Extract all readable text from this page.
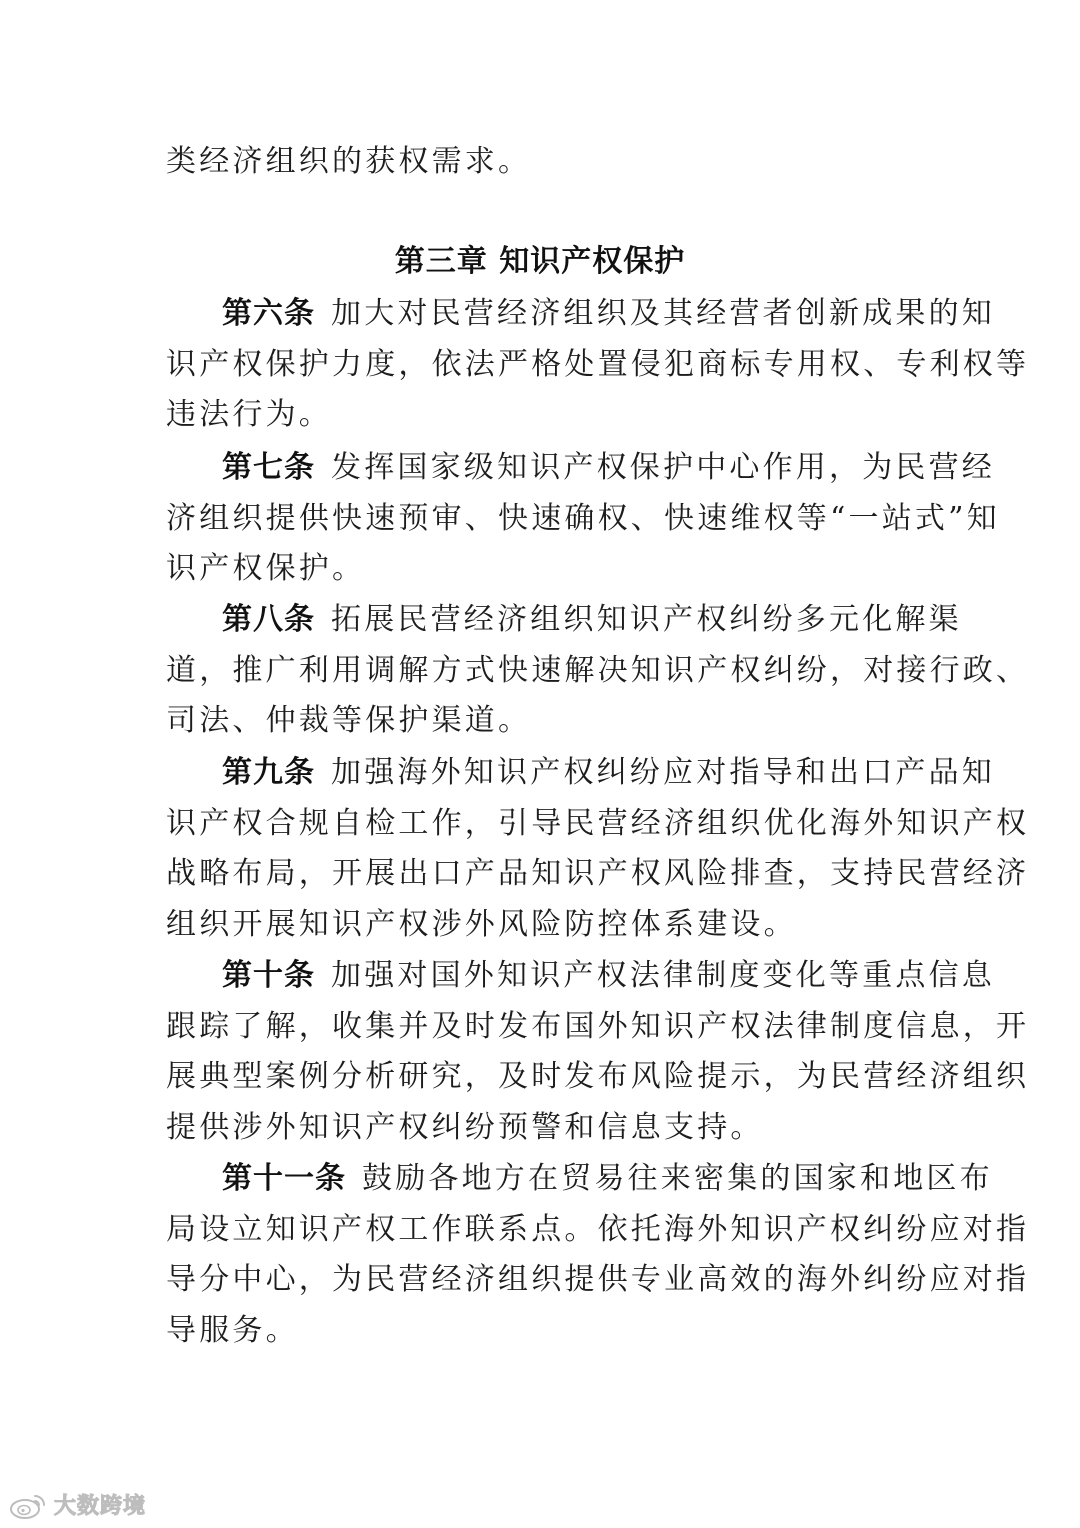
类经济组织的获权需求。
第三章 知识产权保护
第六条 加大对民营经济组织及其经营者创新成果的知
识产权保护力度，依法严格处置侵犯商标专用权、专利权等
违法行为。
第七条 发挥国家级知识产权保护中心作用，为民营经
济组织提供快速预审、快速确权、快速维权等“一站式”知
识产权保护。
第八条 拓展民营经济组织知识产权纠纷多元化解渠
道，推广利用调解方式快速解决知识产权纠纷，对接行政、
司法、仲裁等保护渠道。
第九条 加强海外知识产权纠纷应对指导和出口产品知
识产权合规自检工作，引导民营经济组织优化海外知识产权
战略布局，开展出口产品知识产权风险排查，支持民营经济
组织开展知识产权涉外风险防控体系建设。
第十条 加强对国外知识产权法律制度变化等重点信息
跟踪了解，收集并及时发布国外知识产权法律制度信息，开
展典型案例分析研究，及时发布风险提示，为民营经济组织
提供涉外知识产权纠纷预警和信息支持。
第十一条 鼓励各地方在贸易往来密集的国家和地区布
局设立知识产权工作联系点。依托海外知识产权纠纷应对指
导分中心，为民营经济组织提供专业高效的海外纠纷应对指
导服务。
大数跨境
